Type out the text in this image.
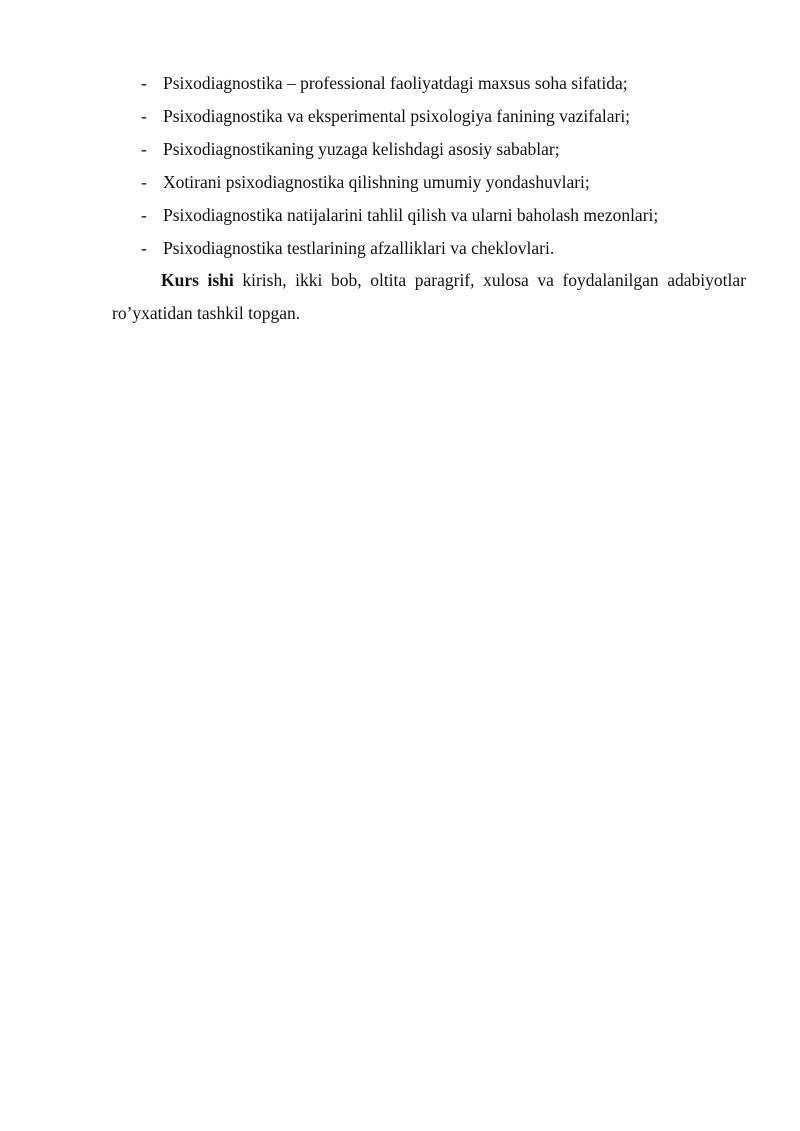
- Psixodiagnostika – professional faoliyatdagi maxsus soha sifatida;
- Psixodiagnostika va eksperimental psixologiya fanining vazifalari;
- Psixodiagnostikaning yuzaga kelishdagi asosiy sabablar;
- Xotirani psixodiagnostika qilishning umumiy yondashuvlari;
- Psixodiagnostika natijalarini tahlil qilish va ularni baholash mezonlari;
- Psixodiagnostika testlarining afzalliklari va cheklovlari.
Kurs ishi kirish, ikki bob, oltita paragrif, xulosa va foydalanilgan adabiyotlar
ro’yxatidan tashkil topgan.
